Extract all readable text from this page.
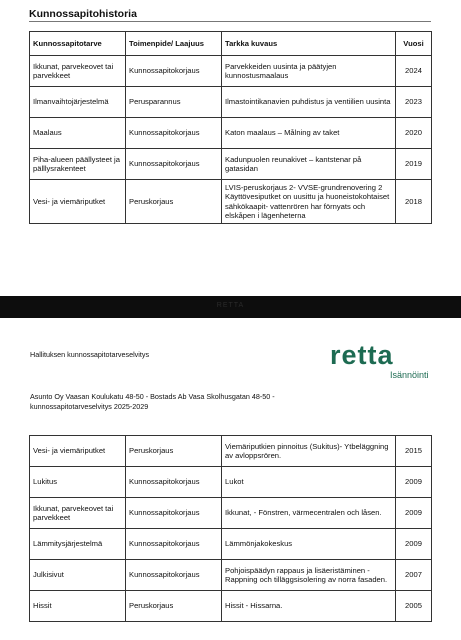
Kunnossapitohistoria
Kunnossapitotarve	Toimenpide/ Laajuus	Tarkka kuvaus	Vuosi
Ikkunat, parvekeovet tai parvekkeet	Kunnossapitokorjaus	Parvekkeiden uusinta ja päätyjen kunnostusmaalaus	2024
Ilmanvaihtojärjestelmä	Perusparannus	Ilmastointikanavien puhdistus ja ventiilien uusinta	2023
Maalaus	Kunnossapitokorjaus	Katon maalaus – Målning av taket	2020
Piha-alueen päällysteet ja pälllysrakenteet	Kunnossapitokorjaus	Kadunpuolen reunakivet – kantstenar på gatasidan	2019
Vesi- ja viemäriputket	Peruskorjaus	LVIS-peruskorjaus 2- VVSE-grundrenovering 2 Käyttövesiputket on uusittu ja huoneistokohtaiset sähkökaapit- vattenrören har förnyats och elskåpen i lägenheterna	2018
RETTA
Hallituksen kunnossapitotarveselvitys	retta
Isännöinti
Asunto Oy Vaasan Koulukatu 48-50 - Bostads Ab Vasa Skolhusgatan 48-50 - kunnossapitotarveselvitys 2025-2029
Vesi- ja viemäriputket	Peruskorjaus	Viemäriputkien pinnoitus (Sukitus)- Ytbeläggning av avloppsrören.	2015
Lukitus	Kunnossapitokorjaus	Lukot	2009
Ikkunat, parvekeovet tai parvekkeet	Kunnossapitokorjaus	Ikkunat, - Fönstren, värmecentralen och låsen.	2009
Lämmitysjärjestelmä	Kunnossapitokorjaus	Lämmönjakokeskus	2009
Julkisivut	Kunnossapitokorjaus	Pohjoispäädyn rappaus ja lisäeristäminen - Rappning och tilläggsisolering av norra fasaden.	2007
Hissit	Peruskorjaus	Hissit - Hissarna.	2005
